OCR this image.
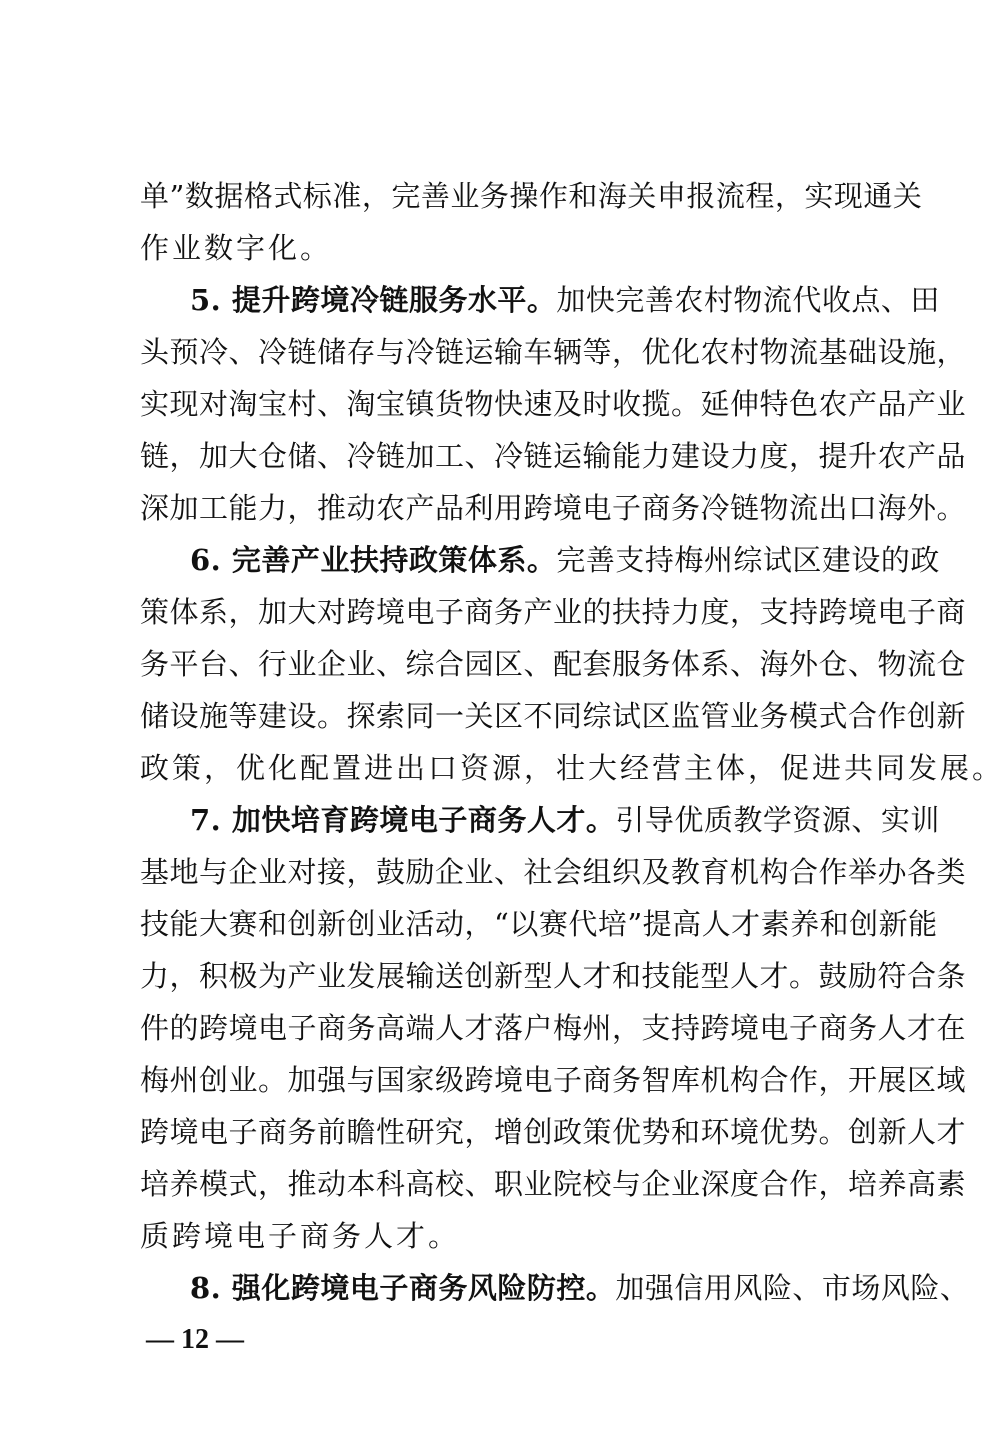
单”数据格式标准，完善业务操作和海关申报流程，实现通关
作业数字化。
5. 提升跨境冷链服务水平。加快完善农村物流代收点、田
头预冷、冷链储存与冷链运输车辆等，优化农村物流基础设施，
实现对淘宝村、淘宝镇货物快速及时收揽。延伸特色农产品产业
链，加大仓储、冷链加工、冷链运输能力建设力度，提升农产品
深加工能力，推动农产品利用跨境电子商务冷链物流出口海外。
6. 完善产业扶持政策体系。完善支持梅州综试区建设的政
策体系，加大对跨境电子商务产业的扶持力度，支持跨境电子商
务平台、行业企业、综合园区、配套服务体系、海外仓、物流仓
储设施等建设。探索同一关区不同综试区监管业务模式合作创新
政策，优化配置进出口资源，壮大经营主体，促进共同发展。
7. 加快培育跨境电子商务人才。引导优质教学资源、实训
基地与企业对接，鼓励企业、社会组织及教育机构合作举办各类
技能大赛和创新创业活动，“以赛代培”提高人才素养和创新能
力，积极为产业发展输送创新型人才和技能型人才。鼓励符合条
件的跨境电子商务高端人才落户梅州，支持跨境电子商务人才在
梅州创业。加强与国家级跨境电子商务智库机构合作，开展区域
跨境电子商务前瞻性研究，增创政策优势和环境优势。创新人才
培养模式，推动本科高校、职业院校与企业深度合作，培养高素
质跨境电子商务人才。
8. 强化跨境电子商务风险防控。加强信用风险、市场风险、
— 12 —
